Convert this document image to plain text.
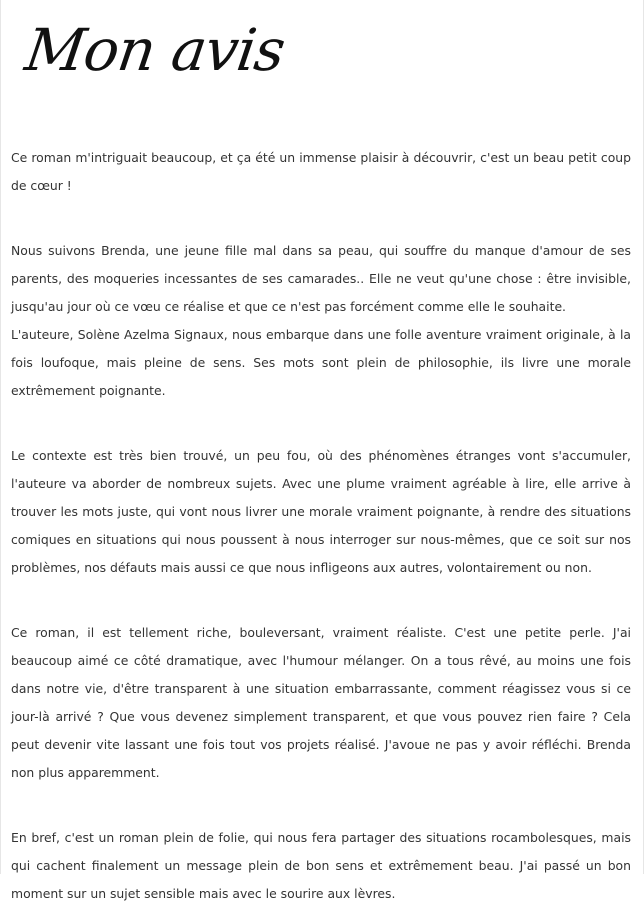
Mon avis

Ce roman m'intriguait beaucoup, et ça été un immense plaisir à découvrir, c'est un beau petit coup de cœur !

Nous suivons Brenda, une jeune fille mal dans sa peau, qui souffre du manque d'amour de ses parents, des moqueries incessantes de ses camarades.. Elle ne veut qu'une chose : être invisible, jusqu'au jour où ce vœu ce réalise et que ce n'est pas forcément comme elle le souhaite.

L'auteure, Solène Azelma Signaux, nous embarque dans une folle aventure vraiment originale, à la fois loufoque, mais pleine de sens. Ses mots sont plein de philosophie, ils livre une morale extrêmement poignante.

Le contexte est très bien trouvé, un peu fou, où des phénomènes étranges vont s'accumuler, l'auteure va aborder de nombreux sujets. Avec une plume vraiment agréable à lire, elle arrive à trouver les mots juste, qui vont nous livrer une morale vraiment poignante, à rendre des situations comiques en situations qui nous poussent à nous interroger sur nous-mêmes, que ce soit sur nos problèmes, nos défauts mais aussi ce que nous infligeons aux autres, volontairement ou non.

Ce roman, il est tellement riche, bouleversant, vraiment réaliste. C'est une petite perle. J'ai beaucoup aimé ce côté dramatique, avec l'humour mélanger. On a tous rêvé, au moins une fois dans notre vie, d'être transparent à une situation embarrassante, comment réagissez vous si ce jour-là arrivé ? Que vous devenez simplement transparent, et que vous pouvez rien faire ? Cela peut devenir vite lassant une fois tout vos projets réalisé. J'avoue ne pas y avoir réfléchi. Brenda non plus apparemment.

En bref, c'est un roman plein de folie, qui nous fera partager des situations rocambolesques, mais qui cachent finalement un message plein de bon sens et extrêmement beau. J'ai passé un bon moment sur un sujet sensible mais avec le sourire aux lèvres.
